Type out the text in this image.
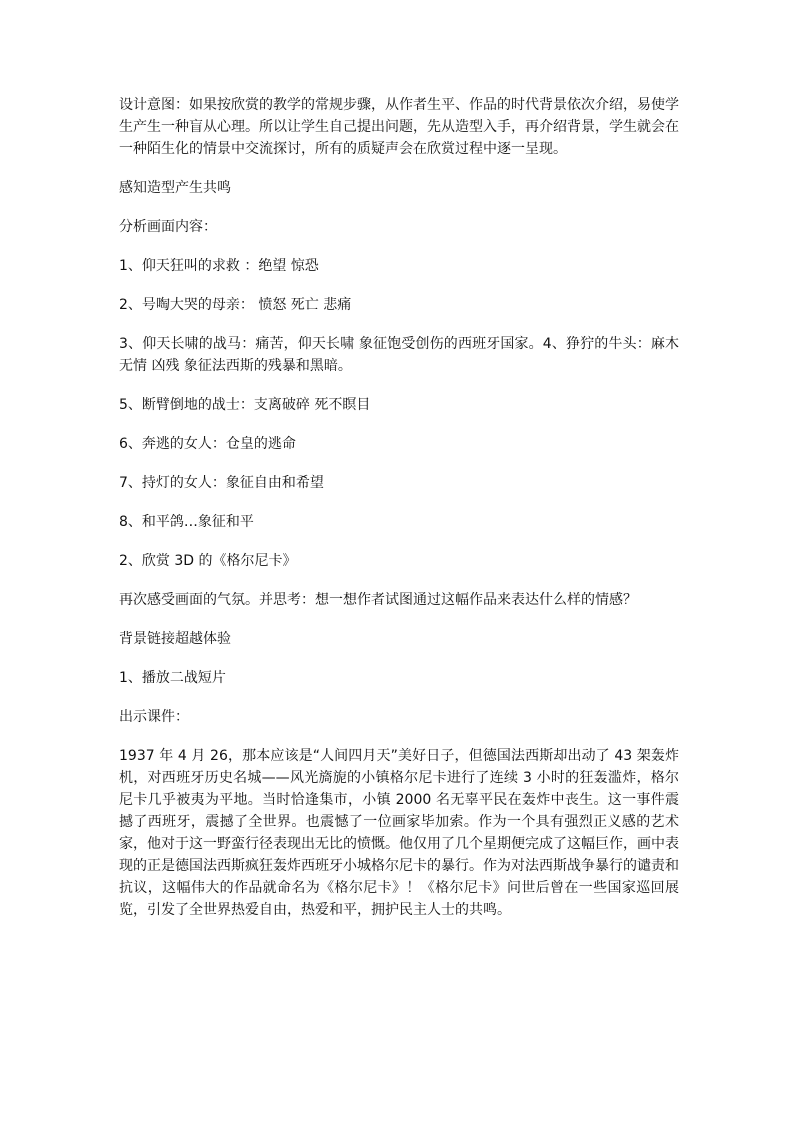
设计意图：如果按欣赏的教学的常规步骤，从作者生平、作品的时代背景依次介绍，易使学生产生一种盲从心理。所以让学生自己提出问题，先从造型入手，再介绍背景，学生就会在一种陌生化的情景中交流探讨，所有的质疑声会在欣赏过程中逐一呈现。

感知造型产生共鸣

分析画面内容：

1、仰天狂叫的求救 ：绝望 惊恐

2、号啕大哭的母亲： 愤怒 死亡 悲痛

3、仰天长啸的战马：痛苦，仰天长啸 象征饱受创伤的西班牙国家。4、狰狞的牛头：麻木 无情 凶残 象征法西斯的残暴和黑暗。

5、断臂倒地的战士：支离破碎 死不瞑目

6、奔逃的女人：仓皇的逃命

7、持灯的女人：象征自由和希望

8、和平鸽…象征和平

2、欣赏 3D 的《格尔尼卡》

再次感受画面的气氛。并思考：想一想作者试图通过这幅作品来表达什么样的情感？

背景链接超越体验

1、播放二战短片

出示课件：

1937 年 4 月 26，那本应该是“人间四月天”美好日子，但德国法西斯却出动了 43 架轰炸机，对西班牙历史名城——风光旖旎的小镇格尔尼卡进行了连续 3 小时的狂轰滥炸，格尔尼卡几乎被夷为平地。当时恰逢集市，小镇 2000 名无辜平民在轰炸中丧生。这一事件震撼了西班牙，震撼了全世界。也震憾了一位画家毕加索。作为一个具有强烈正义感的艺术家，他对于这一野蛮行径表现出无比的愤慨。他仅用了几个星期便完成了这幅巨作，画中表现的正是德国法西斯疯狂轰炸西班牙小城格尔尼卡的暴行。作为对法西斯战争暴行的谴责和抗议，这幅伟大的作品就命名为《格尔尼卡》！《格尔尼卡》问世后曾在一些国家巡回展览，引发了全世界热爱自由，热爱和平，拥护民主人士的共鸣。
